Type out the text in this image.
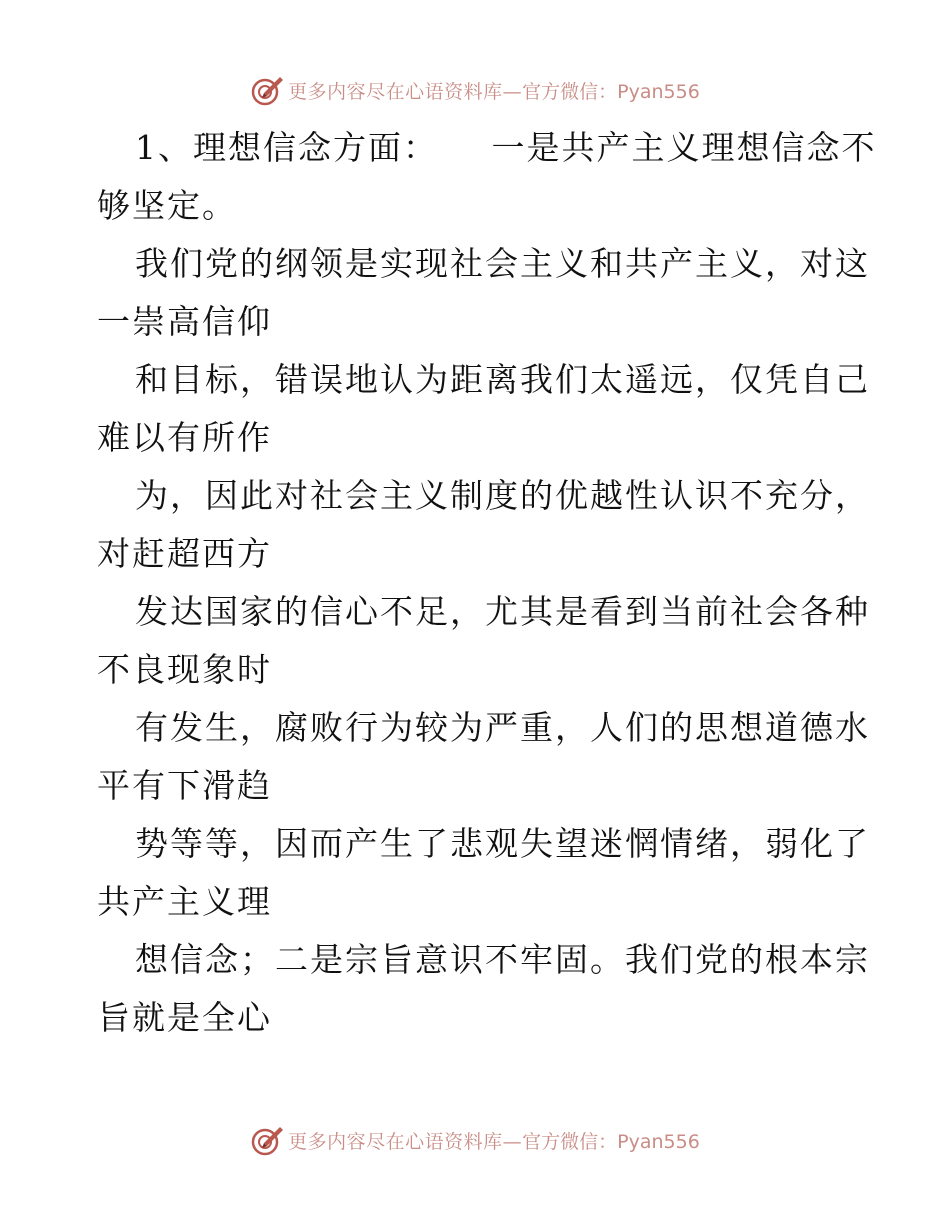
更多内容尽在心语资料库— 官方微信：Pyan556
1、理想信念方面：　　一是共产主义理想信念不
够坚定。
我们党的纲领是实现社会主义和共产主义，对这
一崇高信仰
和目标，错误地认为距离我们太遥远，仅凭自己
难以有所作
为，因此对社会主义制度的优越性认识不充分，
对赶超西方
发达国家的信心不足，尤其是看到当前社会各种
不良现象时
有发生，腐败行为较为严重，人们的思想道德水
平有下滑趋
势等等，因而产生了悲观失望迷惘情绪，弱化了
共产主义理
想信念；二是宗旨意识不牢固。我们党的根本宗
旨就是全心
更多内容尽在心语资料库— 官方微信：Pyan556
